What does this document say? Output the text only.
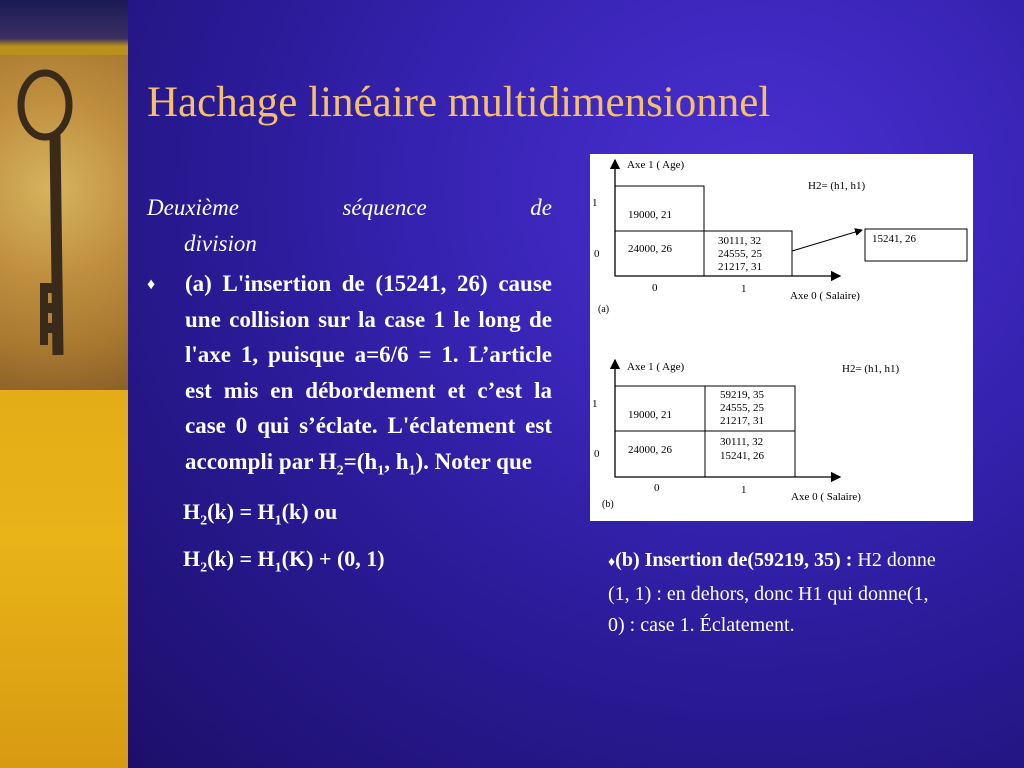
Hachage linéaire multidimensionnel

Deuxième séquence de

division

♦	(a) L'insertion de (15241, 26) cause une collision sur la case 1 le long de l'axe 1, puisque a=6/6 = 1. L’article est mis en débordement et c’est la case 0 qui s’éclate. L'éclatement est accompli par $H_2=(h_1$, $h_1$). Noter que
$H_2(k) = H_1(k)$ ou
$H_2(k) = H_1(K) + (0$, 1)
Axe 1 ( Age)
Axe 0 ( Salaire)
H2= (h1, h1)
(a)
1
0
0	1
19000, 21
24000, 26
30111, 32
24555, 25
21217, 31
15241, 26
Axe 1 ( Age)
Axe 0 ( Salaire)
H2= (h1, h1)
(b)
1
0
0	1
19000, 21
59219, 35
24555, 25
21217, 31
24000, 26
30111, 32
15241, 26
♦(b) Insertion de(59219, 35) : H2 donne (1, 1) : en dehors, donc H1 qui donne(1, 0) : case 1. Éclatement.
